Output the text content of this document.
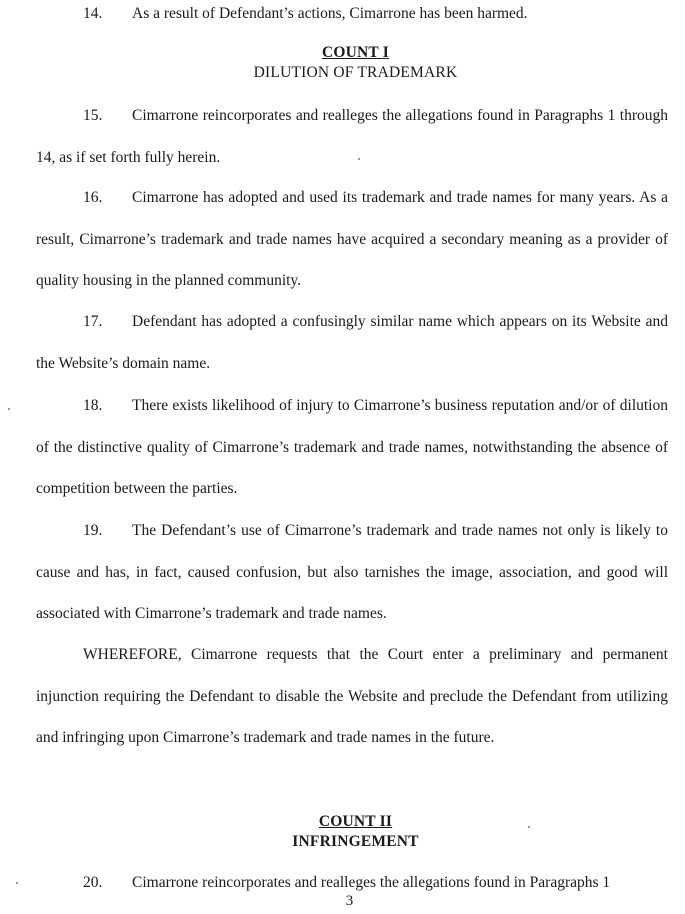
14. As a result of Defendant’s actions, Cimarrone has been harmed.

COUNT I
DILUTION OF TRADEMARK

15. Cimarrone reincorporates and realleges the allegations found in Paragraphs 1 through 14, as if set forth fully herein.

16. Cimarrone has adopted and used its trademark and trade names for many years. As a result, Cimarrone’s trademark and trade names have acquired a secondary meaning as a provider of quality housing in the planned community.

17. Defendant has adopted a confusingly similar name which appears on its Website and the Website’s domain name.

18. There exists likelihood of injury to Cimarrone’s business reputation and/or of dilution of the distinctive quality of Cimarrone’s trademark and trade names, notwithstanding the absence of competition between the parties.

19. The Defendant’s use of Cimarrone’s trademark and trade names not only is likely to cause and has, in fact, caused confusion, but also tarnishes the image, association, and good will associated with Cimarrone’s trademark and trade names.

WHEREFORE, Cimarrone requests that the Court enter a preliminary and permanent injunction requiring the Defendant to disable the Website and preclude the Defendant from utilizing and infringing upon Cimarrone’s trademark and trade names in the future.

COUNT II
INFRINGEMENT

20. Cimarrone reincorporates and realleges the allegations found in Paragraphs 1

3
